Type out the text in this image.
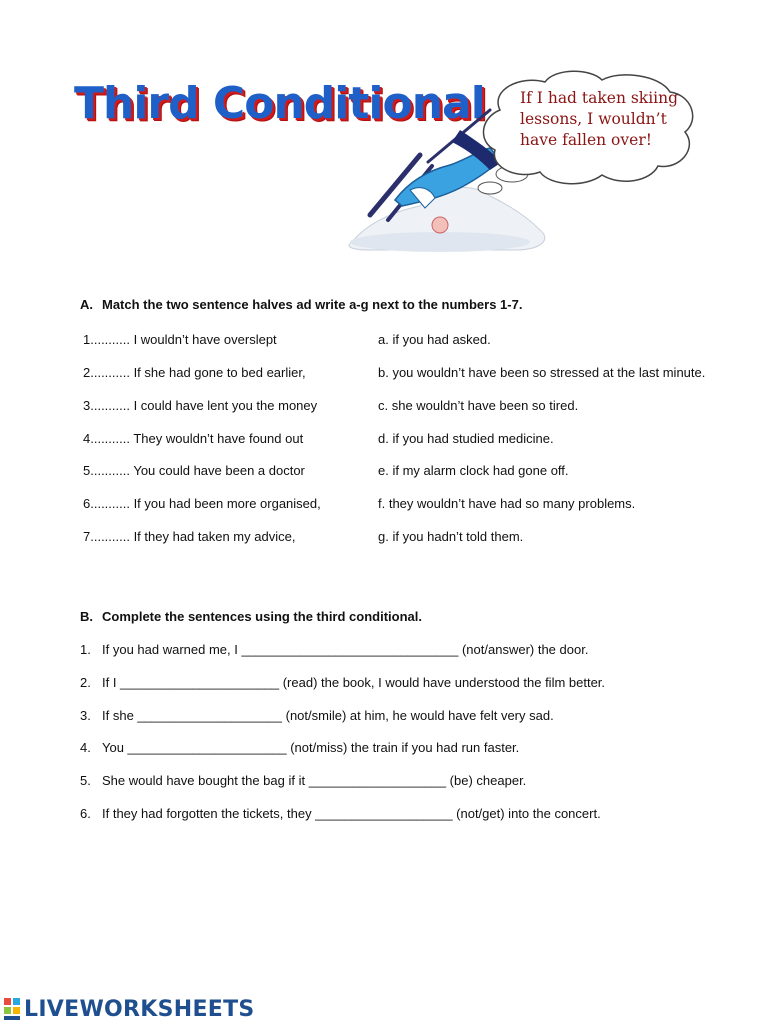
Third Conditional If I had taken skiing
lessons, I wouldn’t
have fallen over!
A. Match the two sentence halves ad write a-g next to the numbers 1-7.
1........... I wouldn’t have overslept
2........... If she had gone to bed earlier,
3........... I could have lent you the money
4........... They wouldn’t have found out
5........... You could have been a doctor
6........... If you had been more organised,
7........... If they had taken my advice,
a. if you had asked.
b. you wouldn’t have been so stressed at the last minute.
c. she wouldn’t have been so tired.
d. if you had studied medicine.
e. if my alarm clock had gone off.
f. they wouldn’t have had so many problems.
g. if you hadn’t told them.
B. Complete the sentences using the third conditional.
1. If you had warned me, I ______________________________ (not/answer) the door.
2. If I ______________________ (read) the book, I would have understood the film better.
3. If she ____________________ (not/smile) at him, he would have felt very sad.
4. You ______________________ (not/miss) the train if you had run faster.
5. She would have bought the bag if it ___________________ (be) cheaper.
6. If they had forgotten the tickets, they ___________________ (not/get) into the concert.
LIVEWORKSHEETS
